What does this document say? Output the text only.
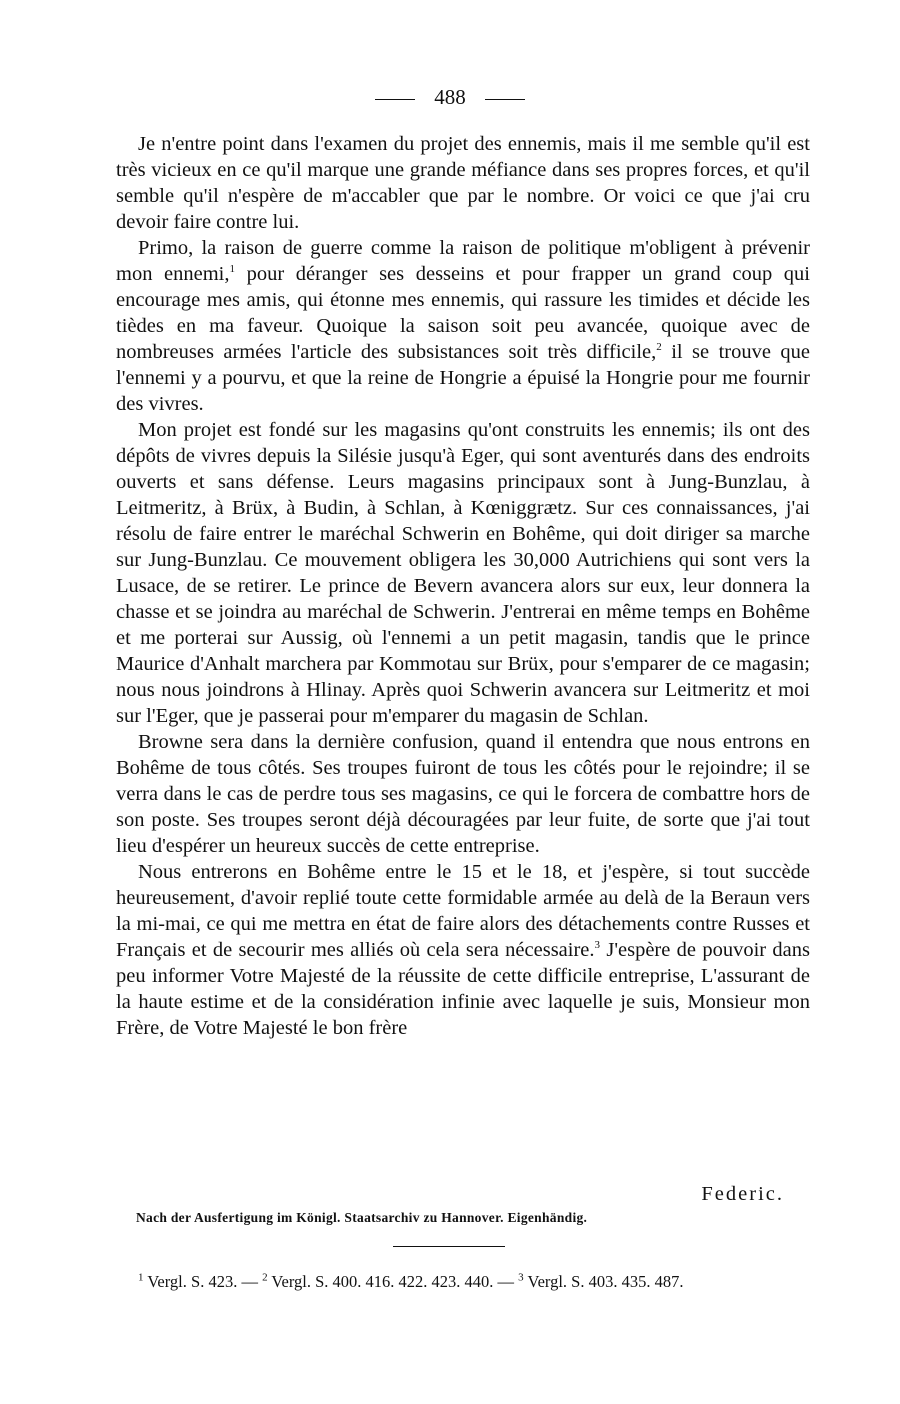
488

Je n'entre point dans l'examen du projet des ennemis, mais il me semble qu'il est très vicieux en ce qu'il marque une grande méfiance dans ses propres forces, et qu'il semble qu'il n'espère de m'accabler que par le nombre. Or voici ce que j'ai cru devoir faire contre lui.

Primo, la raison de guerre comme la raison de politique m'obligent à prévenir mon ennemi,$^1$ pour déranger ses desseins et pour frapper un grand coup qui encourage mes amis, qui étonne mes ennemis, qui rassure les timides et décide les tièdes en ma faveur. Quoique la saison soit peu avancée, quoique avec de nombreuses armées l'article des subsistances soit très difficile,$^2$ il se trouve que l'ennemi y a pourvu, et que la reine de Hongrie a épuisé la Hongrie pour me fournir des vivres.

Mon projet est fondé sur les magasins qu'ont construits les ennemis; ils ont des dépôts de vivres depuis la Silésie jusqu'à Eger, qui sont aventurés dans des endroits ouverts et sans défense. Leurs magasins principaux sont à Jung-Bunzlau, à Leitmeritz, à Brüx, à Budin, à Schlan, à Kœniggrætz. Sur ces connaissances, j'ai résolu de faire entrer le maréchal Schwerin en Bohême, qui doit diriger sa marche sur Jung-Bunzlau. Ce mouvement obligera les 30,000 Autrichiens qui sont vers la Lusace, de se retirer. Le prince de Bevern avancera alors sur eux, leur donnera la chasse et se joindra au maréchal de Schwerin. J'entrerai en même temps en Bohême et me porterai sur Aussig, où l'ennemi a un petit magasin, tandis que le prince Maurice d'Anhalt marchera par Kommotau sur Brüx, pour s'emparer de ce magasin; nous nous joindrons à Hlinay. Après quoi Schwerin avancera sur Leitmeritz et moi sur l'Eger, que je passerai pour m'emparer du magasin de Schlan.

Browne sera dans la dernière confusion, quand il entendra que nous entrons en Bohême de tous côtés. Ses troupes fuiront de tous les côtés pour le rejoindre; il se verra dans le cas de perdre tous ses magasins, ce qui le forcera de combattre hors de son poste. Ses troupes seront déjà découragées par leur fuite, de sorte que j'ai tout lieu d'espérer un heureux succès de cette entreprise.

Nous entrerons en Bohême entre le 15 et le 18, et j'espère, si tout succède heureusement, d'avoir replié toute cette formidable armée au delà de la Beraun vers la mi-mai, ce qui me mettra en état de faire alors des détachements contre Russes et Français et de secourir mes alliés où cela sera nécessaire.$^3$ J'espère de pouvoir dans peu informer Votre Majesté de la réussite de cette difficile entreprise, L'assurant de la haute estime et de la considération infinie avec laquelle je suis, Monsieur mon Frère, de Votre Majesté le bon frère

Federic.
Nach der Ausfertigung im Königl. Staatsarchiv zu Hannover. Eigenhändig.

$^1$ Vergl. S. 423. — $^2$ Vergl. S. 400. 416. 422. 423. 440. — $^3$ Vergl. S. 403. 435. 487.
